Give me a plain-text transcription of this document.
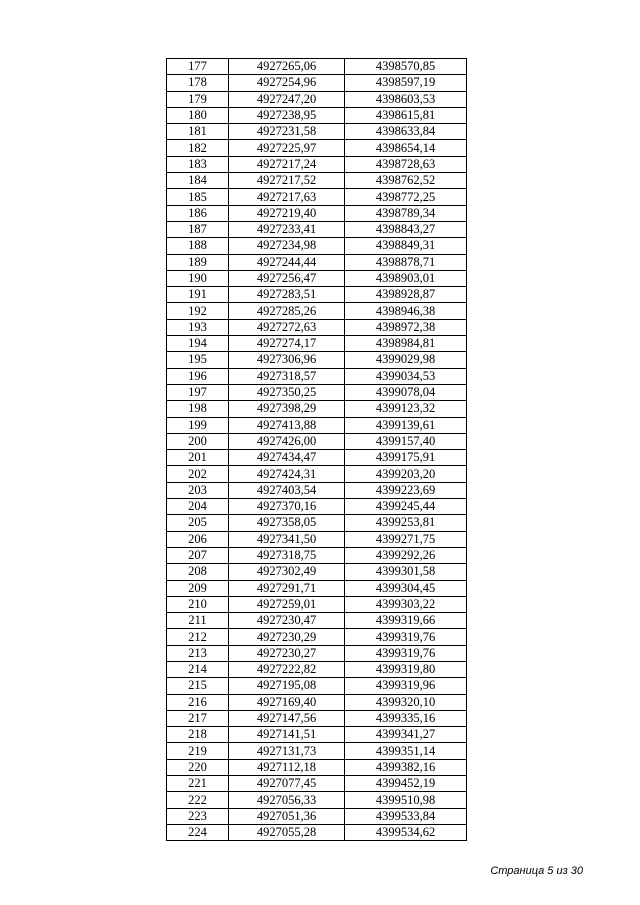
177	4927265,06	4398570,85
178	4927254,96	4398597,19
179	4927247,20	4398603,53
180	4927238,95	4398615,81
181	4927231,58	4398633,84
182	4927225,97	4398654,14
183	4927217,24	4398728,63
184	4927217,52	4398762,52
185	4927217,63	4398772,25
186	4927219,40	4398789,34
187	4927233,41	4398843,27
188	4927234,98	4398849,31
189	4927244,44	4398878,71
190	4927256,47	4398903,01
191	4927283,51	4398928,87
192	4927285,26	4398946,38
193	4927272,63	4398972,38
194	4927274,17	4398984,81
195	4927306,96	4399029,98
196	4927318,57	4399034,53
197	4927350,25	4399078,04
198	4927398,29	4399123,32
199	4927413,88	4399139,61
200	4927426,00	4399157,40
201	4927434,47	4399175,91
202	4927424,31	4399203,20
203	4927403,54	4399223,69
204	4927370,16	4399245,44
205	4927358,05	4399253,81
206	4927341,50	4399271,75
207	4927318,75	4399292,26
208	4927302,49	4399301,58
209	4927291,71	4399304,45
210	4927259,01	4399303,22
211	4927230,47	4399319,66
212	4927230,29	4399319,76
213	4927230,27	4399319,76
214	4927222,82	4399319,80
215	4927195,08	4399319,96
216	4927169,40	4399320,10
217	4927147,56	4399335,16
218	4927141,51	4399341,27
219	4927131,73	4399351,14
220	4927112,18	4399382,16
221	4927077,45	4399452,19
222	4927056,33	4399510,98
223	4927051,36	4399533,84
224	4927055,28	4399534,62
Страница 5 из 30
